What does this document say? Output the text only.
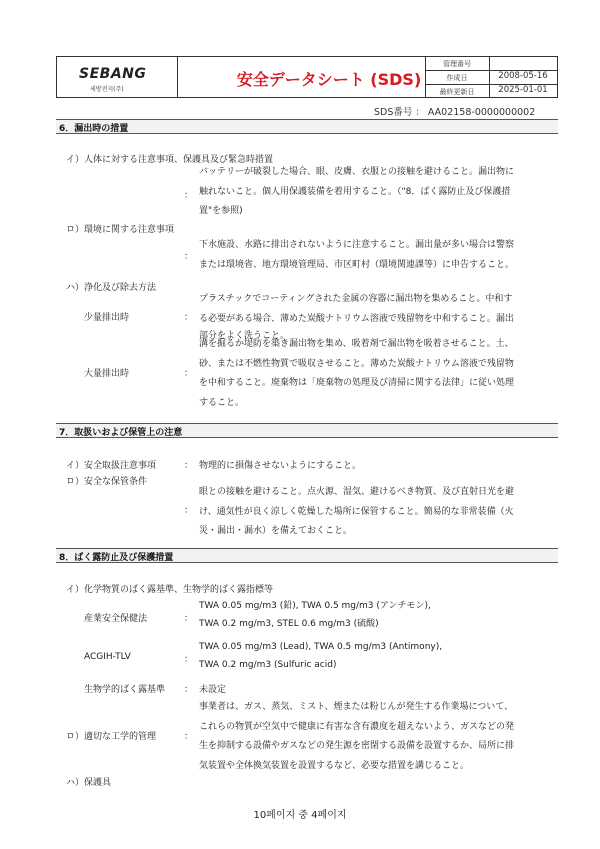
SEBANG
세방전지(주)
安全データシート (SDS)
管理番号
作成日	2008-05-16
最終更新日	2025-01-01
SDS番号 ： AA02158-0000000002
6．漏出時の措置
イ）人体に対する注意事項、保護具及び緊急時措置
：
バッテリーが破裂した場合、眼、皮膚、衣服との接触を避けること。漏出物に
触れないこと。個人用保護装備を着用すること。（"8．ばく露防止及び保護措
置"を参照)
ロ）環境に関する注意事項
：
下水施設、水路に排出されないように注意すること。漏出量が多い場合は警察
または環境省、地方環境管理局、市区町村（環境関連課等）に申告すること。
ハ）浄化及び除去方法
少量排出時	：
プラスチックでコーティングされた金属の容器に漏出物を集めること。中和す
る必要がある場合、薄めた炭酸ナトリウム溶液で残留物を中和すること。漏出
部分をよく洗うこと。
大量排出時	：
溝を掘るか堤防を築き漏出物を集め、吸着剤で漏出物を吸着させること。土、
砂、または不燃性物質で吸収させること。薄めた炭酸ナトリウム溶液で残留物
を中和すること。廃棄物は「廃棄物の処理及び清掃に関する法律」に従い処理
すること。
7．取扱いおよび保管上の注意
イ）安全取扱注意事項	： 物理的に損傷させないようにすること。
ロ）安全な保管条件
：
眼との接触を避けること。点火源、湿気、避けるべき物質、及び直射日光を避
け、通気性が良く涼しく乾燥した場所に保管すること。簡易的な非常装備（火
災・漏出・漏水）を備えておくこと。
8．ばく露防止及び保護措置
イ）化学物質のばく露基準、生物学的ばく露指標等
産業安全保健法	：
TWA 0.05 mg/m3 (鉛), TWA 0.5 mg/m3 (アンチモン),
TWA 0.2 mg/m3, STEL 0.6 mg/m3 (硫酸)
ACGIH-TLV	：
TWA 0.05 mg/m3 (Lead), TWA 0.5 mg/m3 (Antimony),
TWA 0.2 mg/m3 (Sulfuric acid)
生物学的ばく露基準 ： 未設定
ロ）適切な工学的管理	：
事業者は、ガス、蒸気、ミスト、煙または粉じんが発生する作業場について、
これらの物質が空気中で健康に有害な含有濃度を超えないよう、ガスなどの発
生を抑制する設備やガスなどの発生源を密閉する設備を設置するか、局所に排
気装置や全体換気装置を設置するなど、必要な措置を講じること。
ハ）保護具
10페이지 중 4페이지
